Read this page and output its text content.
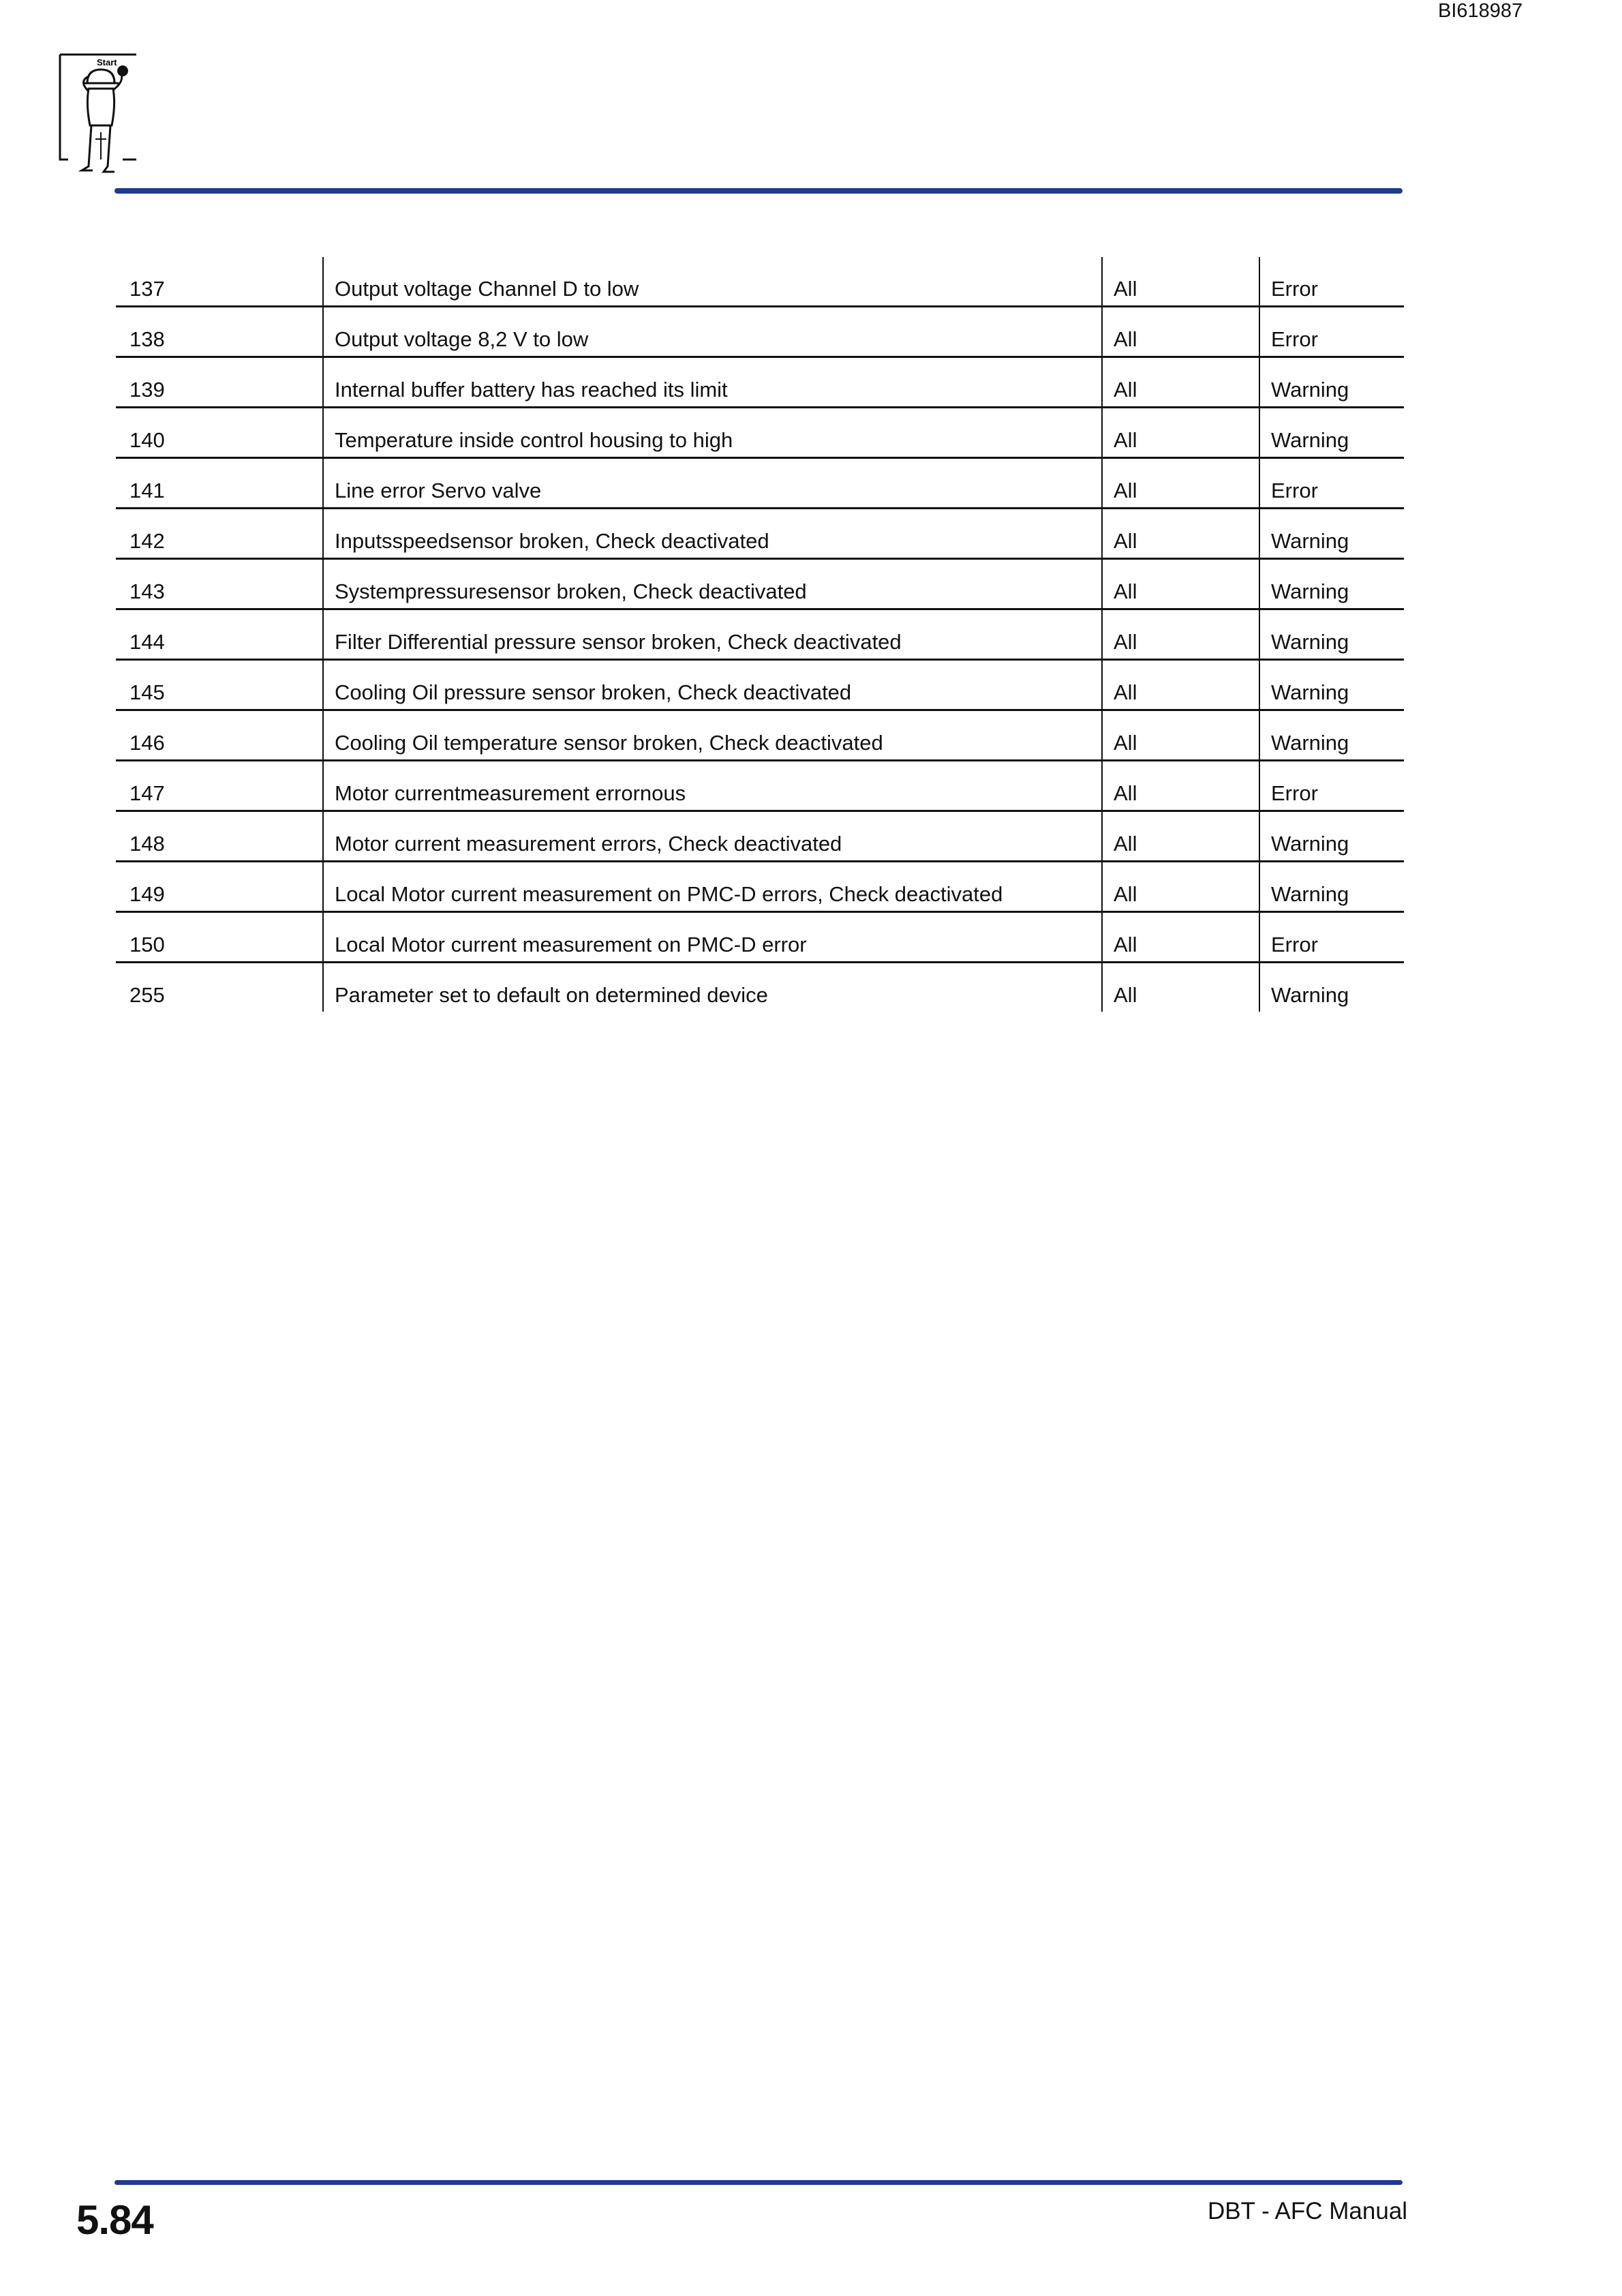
BI618987
Start
137	Output voltage Channel D to low	All	Error
138	Output voltage 8,2 V to low	All	Error
139	Internal buffer battery has reached its limit	All	Warning
140	Temperature inside control housing to high	All	Warning
141	Line error Servo valve	All	Error
142	Inputsspeedsensor broken, Check deactivated	All	Warning
143	Systempressuresensor broken, Check deactivated	All	Warning
144	Filter Differential pressure sensor broken, Check deactivated	All	Warning
145	Cooling Oil pressure sensor broken, Check deactivated	All	Warning
146	Cooling Oil temperature sensor broken, Check deactivated	All	Warning
147	Motor currentmeasurement errornous	All	Error
148	Motor current measurement errors, Check deactivated	All	Warning
149	Local Motor current measurement on PMC-D errors, Check deactivated	All	Warning
150	Local Motor current measurement on PMC-D error	All	Error
255	Parameter set to default on determined device	All	Warning
5.84	DBT - AFC Manual
